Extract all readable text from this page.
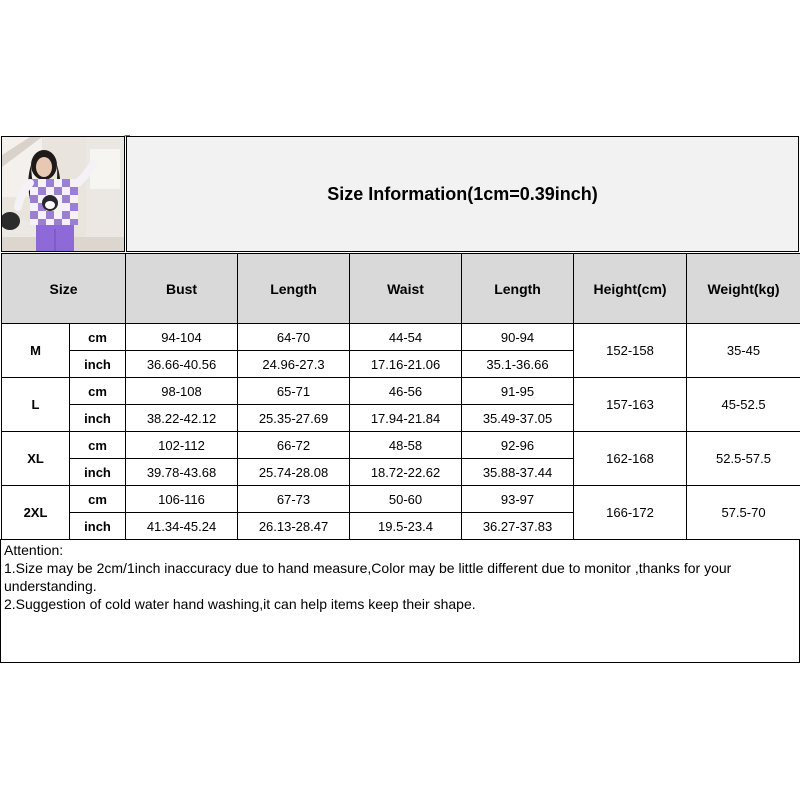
Size Information(1cm=0.39inch)
Size		Bust	Length	Waist	Length	Height(cm)	Weight(kg)
M	cm	94-104	64-70	44-54	90-94	152-158	35-45
	inch	36.66-40.56	24.96-27.3	17.16-21.06	35.1-36.66		
L	cm	98-108	65-71	46-56	91-95	157-163	45-52.5
	inch	38.22-42.12	25.35-27.69	17.94-21.84	35.49-37.05		
XL	cm	102-112	66-72	48-58	92-96	162-168	52.5-57.5
	inch	39.78-43.68	25.74-28.08	18.72-22.62	35.88-37.44		
2XL	cm	106-116	67-73	50-60	93-97	166-172	57.5-70
	inch	41.34-45.24	26.13-28.47	19.5-23.4	36.27-37.83		

Attention:

1.Size may be 2cm/1inch inaccuracy due to hand measure,Color may be little different due to monitor ,thanks for your understanding.

2.Suggestion of cold water hand washing,it can help items keep their shape.
